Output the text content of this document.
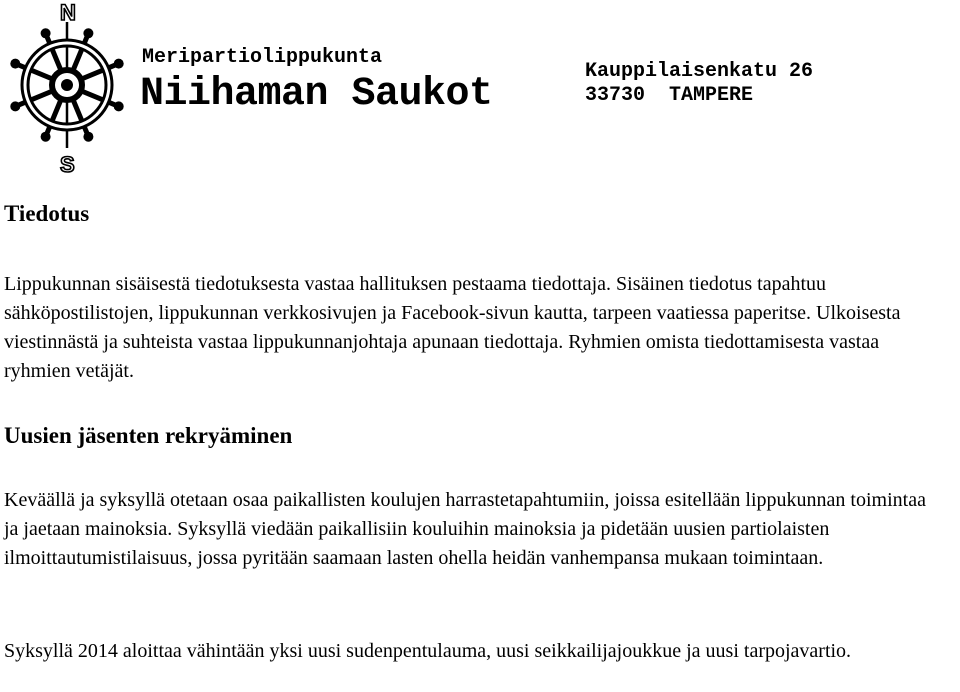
N
S
Meripartiolippukunta
Niihaman Saukot
Kauppilaisenkatu 26
33730  TAMPERE
Tiedotus

Lippukunnan sisäisestä tiedotuksesta vastaa hallituksen pestaama tiedottaja. Sisäinen tiedotus tapahtuu sähköpostilistojen, lippukunnan verkkosivujen ja Facebook-sivun kautta, tarpeen vaatiessa paperitse. Ulkoisesta viestinnästä ja suhteista vastaa lippukunnanjohtaja apunaan tiedottaja. Ryhmien omista tiedottamisesta vastaa ryhmien vetäjät.

Uusien jäsenten rekryäminen

Keväällä ja syksyllä otetaan osaa paikallisten koulujen harrastetapahtumiin, joissa esitellään lippukunnan toimintaa ja jaetaan mainoksia. Syksyllä viedään paikallisiin kouluihin mainoksia ja pidetään uusien partiolaisten ilmoittautumistilaisuus, jossa pyritään saamaan lasten ohella heidän vanhempansa mukaan toimintaan.

Syksyllä 2014 aloittaa vähintään yksi uusi sudenpentulauma, uusi seikkailijajoukkue ja uusi tarpojavartio.
